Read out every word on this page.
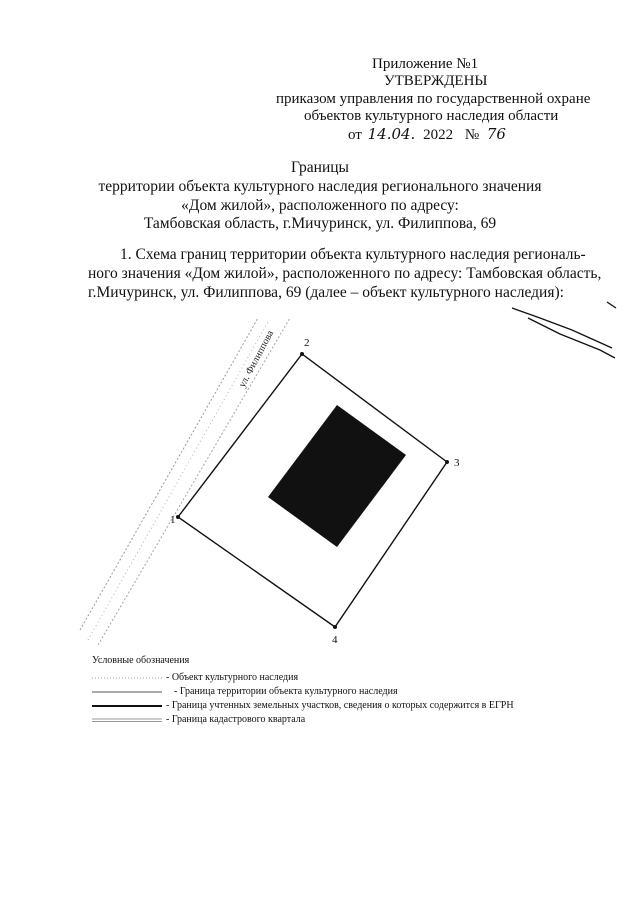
Приложение №1
УТВЕРЖДЕНЫ
приказом управления по государственной охране
объектов культурного наследия области
от 14.04. 2022 № 76
Границы
территории объекта культурного наследия регионального значения
«Дом жилой», расположенного по адресу:
Тамбовская область, г.Мичуринск, ул. Филиппова, 69
1. Схема границ территории объекта культурного наследия региональ-
ного значения «Дом жилой», расположенного по адресу: Тамбовская область,
г.Мичуринск, ул. Филиппова, 69 (далее – объект культурного наследия):
1
2
3
4
ул. Филиппова
Условные обозначения
- Объект культурного наследия
- Граница территории объекта культурного наследия
- Граница учтенных земельных участков, сведения о которых содержится в ЕГРН
- Граница кадастрового квартала
